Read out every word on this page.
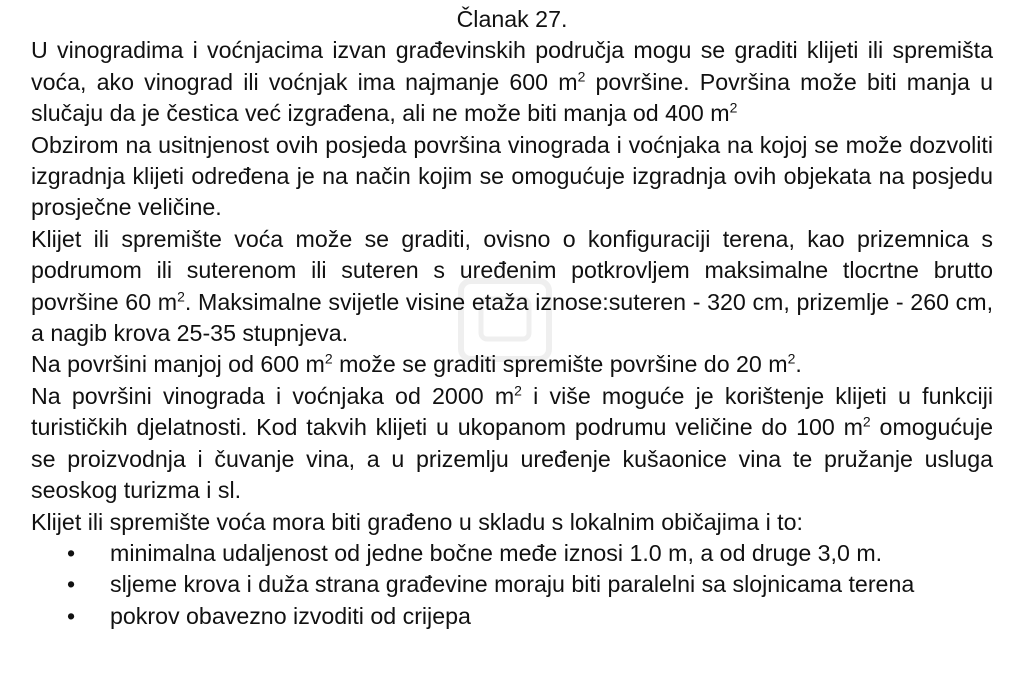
Članak 27.

U vinogradima i voćnjacima izvan građevinskih područja mogu se graditi klijeti ili spremišta voća, ako vinograd ili voćnjak ima najmanje 600 $m^2$ površine. Površina može biti manja u slučaju da je čestica već izgrađena, ali ne može biti manja od 400 $m^2$

Obzirom na usitnjenost ovih posjeda površina vinograda i voćnjaka na kojoj se može dozvoliti izgradnja klijeti određena je na način kojim se omogućuje izgradnja ovih objekata na posjedu prosječne veličine.

Klijet ili spremište voća može se graditi, ovisno o konfiguraciji terena, kao prizemnica s podrumom ili suterenom ili suteren s uređenim potkrovljem maksimalne tlocrtne brutto površine 60 $m^2$. Maksimalne svijetle visine etaža iznose:suteren - 320 cm, prizemlje - 260 cm, a nagib krova 25-35 stupnjeva.

Na površini manjoj od 600 $m^2$ može se graditi spremište površine do 20 $m^2$.

Na površini vinograda i voćnjaka od 2000 $m^2$ i više moguće je korištenje klijeti u funkciji turističkih djelatnosti. Kod takvih klijeti u ukopanom podrumu veličine do 100 $m^2$ omogućuje se proizvodnja i čuvanje vina, a u prizemlju uređenje kušaonice vina te pružanje usluga seoskog turizma i sl.

Klijet ili spremište voća mora biti građeno u skladu s lokalnim običajima i to:

• minimalna udaljenost od jedne bočne međe iznosi 1.0 m, a od druge 3,0 m.
• sljeme krova i duža strana građevine moraju biti paralelni sa slojnicama terena
• pokrov obavezno izvoditi od crijepa
